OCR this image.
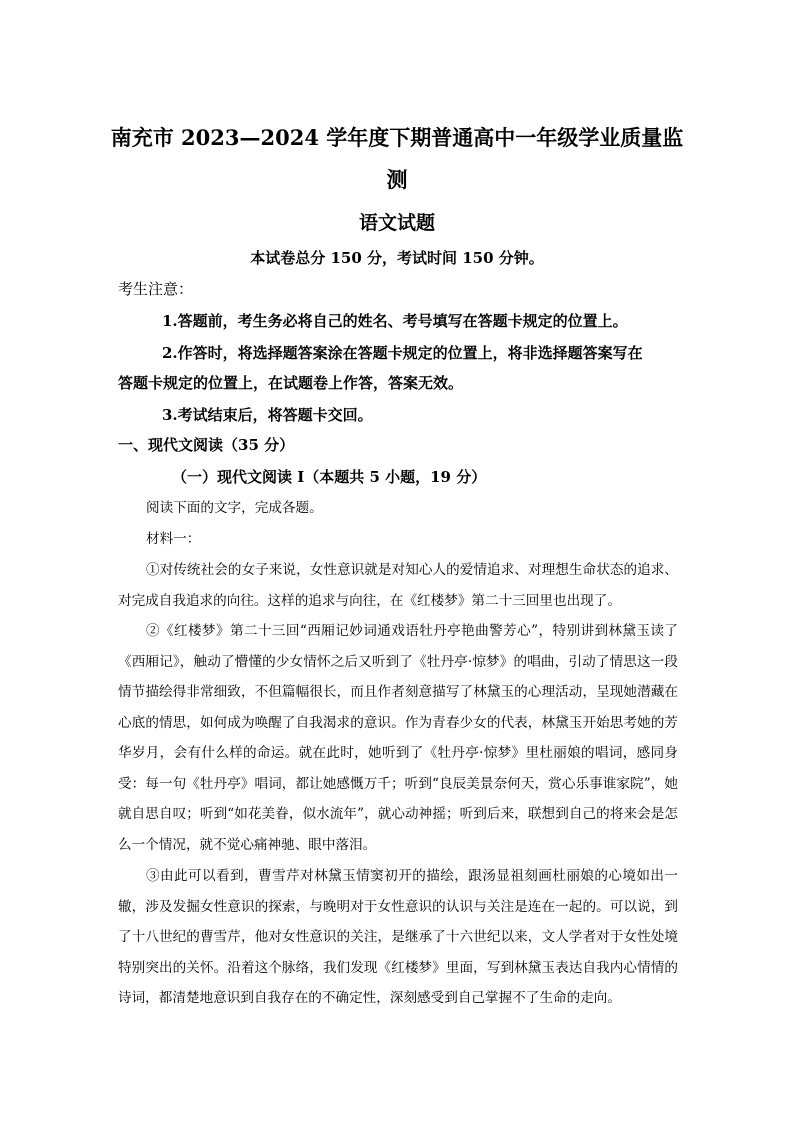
南充市 2023—2024 学年度下期普通高中一年级学业质量监
测
语文试题
本试卷总分 150 分，考试时间 150 分钟。
考生注意：
1.答题前，考生务必将自己的姓名、考号填写在答题卡规定的位置上。
2.作答时，将选择题答案涂在答题卡规定的位置上，将非选择题答案写在
答题卡规定的位置上，在试题卷上作答，答案无效。
3.考试结束后，将答题卡交回。
一、现代文阅读（35 分）
（一）现代文阅读 I（本题共 5 小题，19 分）
阅读下面的文字，完成各题。
材料一：
①对传统社会的女子来说，女性意识就是对知心人的爱情追求、对理想生命状态的追求、对完成自我追求的向往。这样的追求与向往，在《红楼梦》第二十三回里也出现了。
②《红楼梦》第二十三回“西厢记妙词通戏语牡丹亭艳曲警芳心”，特别讲到林黛玉读了《西厢记》，触动了懵懂的少女情怀之后又听到了《牡丹亭·惊梦》的唱曲，引动了情思这一段情节描绘得非常细致，不但篇幅很长，而且作者刻意描写了林黛玉的心理活动，呈现她潜藏在心底的情思，如何成为唤醒了自我渴求的意识。作为青春少女的代表，林黛玉开始思考她的芳华岁月，会有什么样的命运。就在此时，她听到了《牡丹亭·惊梦》里杜丽娘的唱词，感同身受：每一句《牡丹亭》唱词，都让她感慨万千；听到“良辰美景奈何天，赏心乐事谁家院”，她就自思自叹；听到“如花美眷，似水流年”，就心动神摇；听到后来，联想到自己的将来会是怎么一个情况，就不觉心痛神驰、眼中落泪。
③由此可以看到，曹雪芹对林黛玉情窦初开的描绘，跟汤显祖刻画杜丽娘的心境如出一辙，涉及发掘女性意识的探索，与晚明对于女性意识的认识与关注是连在一起的。可以说，到了十八世纪的曹雪芹，他对女性意识的关注，是继承了十六世纪以来，文人学者对于女性处境特别突出的关怀。沿着这个脉络，我们发现《红楼梦》里面，写到林黛玉表达自我内心情情的诗词，都清楚地意识到自我存在的不确定性，深刻感受到自己掌握不了生命的走向。
